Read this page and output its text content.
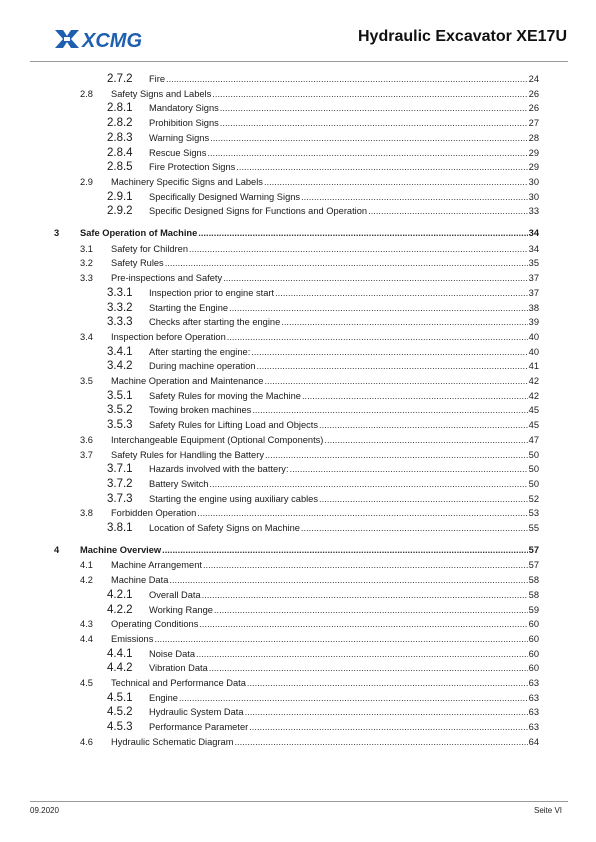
XCMG	Hydraulic Excavator XE17U
2.7.2 Fire .....	24
2.8 Safety Signs and Labels .....	26
2.8.1 Mandatory Signs .....	26
2.8.2 Prohibition Signs .....	27
2.8.3 Warning Signs .....	28
2.8.4 Rescue Signs .....	29
2.8.5 Fire Protection Signs .....	29
2.9 Machinery Specific Signs and Labels .....	30
2.9.1 Specifically Designed Warning Signs .....	30
2.9.2 Specific Designed Signs for Functions and Operation .....	33
3 Safe Operation of Machine .....	34
3.1 Safety for Children .....	34
3.2 Safety Rules .....	35
3.3 Pre-inspections and Safety .....	37
3.3.1 Inspection prior to engine start .....	37
3.3.2 Starting the Engine .....	38
3.3.3 Checks after starting the engine .....	39
3.4 Inspection before Operation .....	40
3.4.1 After starting the engine: .....	40
3.4.2 During machine operation .....	41
3.5 Machine Operation and Maintenance .....	42
3.5.1 Safety Rules for moving the Machine .....	42
3.5.2 Towing broken machines .....	45
3.5.3 Safety Rules for Lifting Load and Objects .....	45
3.6 Interchangeable Equipment (Optional Components) .....	47
3.7 Safety Rules for Handling the Battery .....	50
3.7.1 Hazards involved with the battery: .....	50
3.7.2 Battery Switch .....	50
3.7.3 Starting the engine using auxiliary cables .....	52
3.8 Forbidden Operation .....	53
3.8.1 Location of Safety Signs on Machine .....	55
4 Machine Overview .....	57
4.1 Machine Arrangement .....	57
4.2 Machine Data .....	58
4.2.1 Overall Data .....	58
4.2.2 Working Range .....	59
4.3 Operating Conditions .....	60
4.4 Emissions .....	60
4.4.1 Noise Data .....	60
4.4.2 Vibration Data .....	60
4.5 Technical and Performance Data .....	63
4.5.1 Engine .....	63
4.5.2 Hydraulic System Data .....	63
4.5.3 Performance Parameter .....	63
4.6 Hydraulic Schematic Diagram .....	64
09.2020	Seite VI
